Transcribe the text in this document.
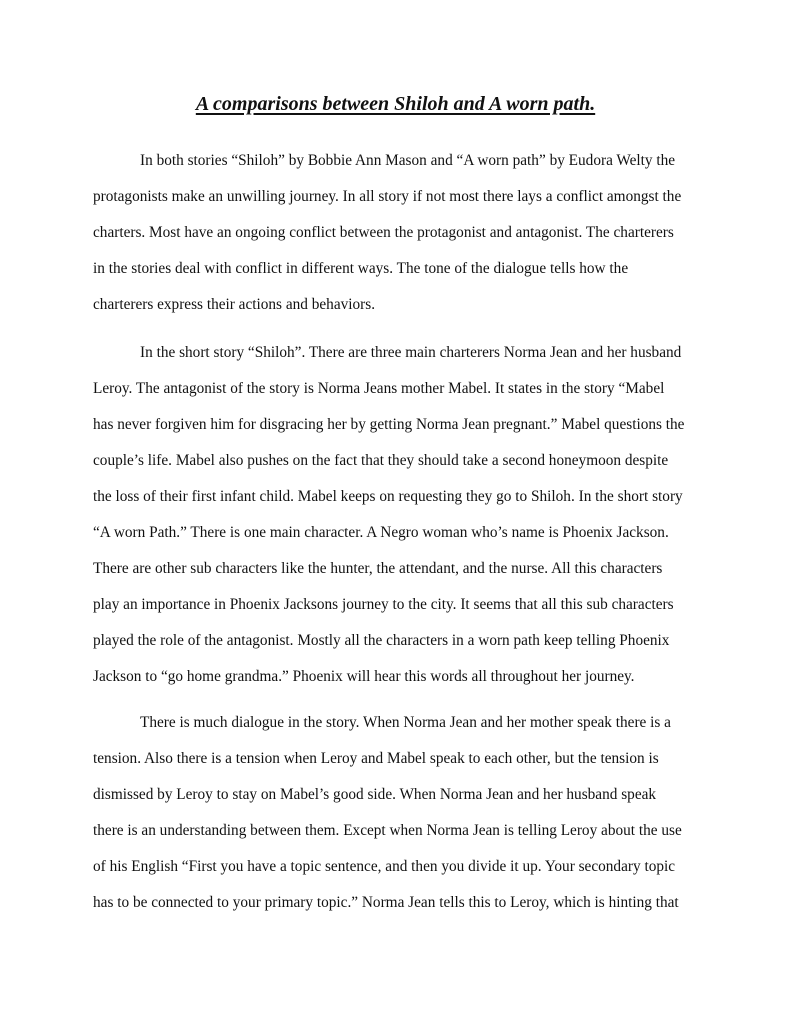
A comparisons between Shiloh and A worn path.
In both stories “Shiloh” by Bobbie Ann Mason and “A worn path” by Eudora Welty the
protagonists make an unwilling journey. In all story if not most there lays a conflict amongst the
charters. Most have an ongoing conflict between the protagonist and antagonist. The charterers
in the stories deal with conflict in different ways. The tone of the dialogue tells how the
charterers express their actions and behaviors.
In the short story “Shiloh”. There are three main charterers Norma Jean and her husband
Leroy. The antagonist of the story is Norma Jeans mother Mabel. It states in the story “Mabel
has never forgiven him for disgracing her by getting Norma Jean pregnant.” Mabel questions the
couple’s life. Mabel also pushes on the fact that they should take a second honeymoon despite
the loss of their first infant child. Mabel keeps on requesting they go to Shiloh. In the short story
“A worn Path.” There is one main character. A Negro woman who’s name is Phoenix Jackson.
There are other sub characters like the hunter, the attendant, and the nurse. All this characters
play an importance in Phoenix Jacksons journey to the city. It seems that all this sub characters
played the role of the antagonist. Mostly all the characters in a worn path keep telling Phoenix
Jackson to “go home grandma.” Phoenix will hear this words all throughout her journey.
There is much dialogue in the story. When Norma Jean and her mother speak there is a
tension. Also there is a tension when Leroy and Mabel speak to each other, but the tension is
dismissed by Leroy to stay on Mabel’s good side. When Norma Jean and her husband speak
there is an understanding between them. Except when Norma Jean is telling Leroy about the use
of his English “First you have a topic sentence, and then you divide it up. Your secondary topic
has to be connected to your primary topic.” Norma Jean tells this to Leroy, which is hinting that
